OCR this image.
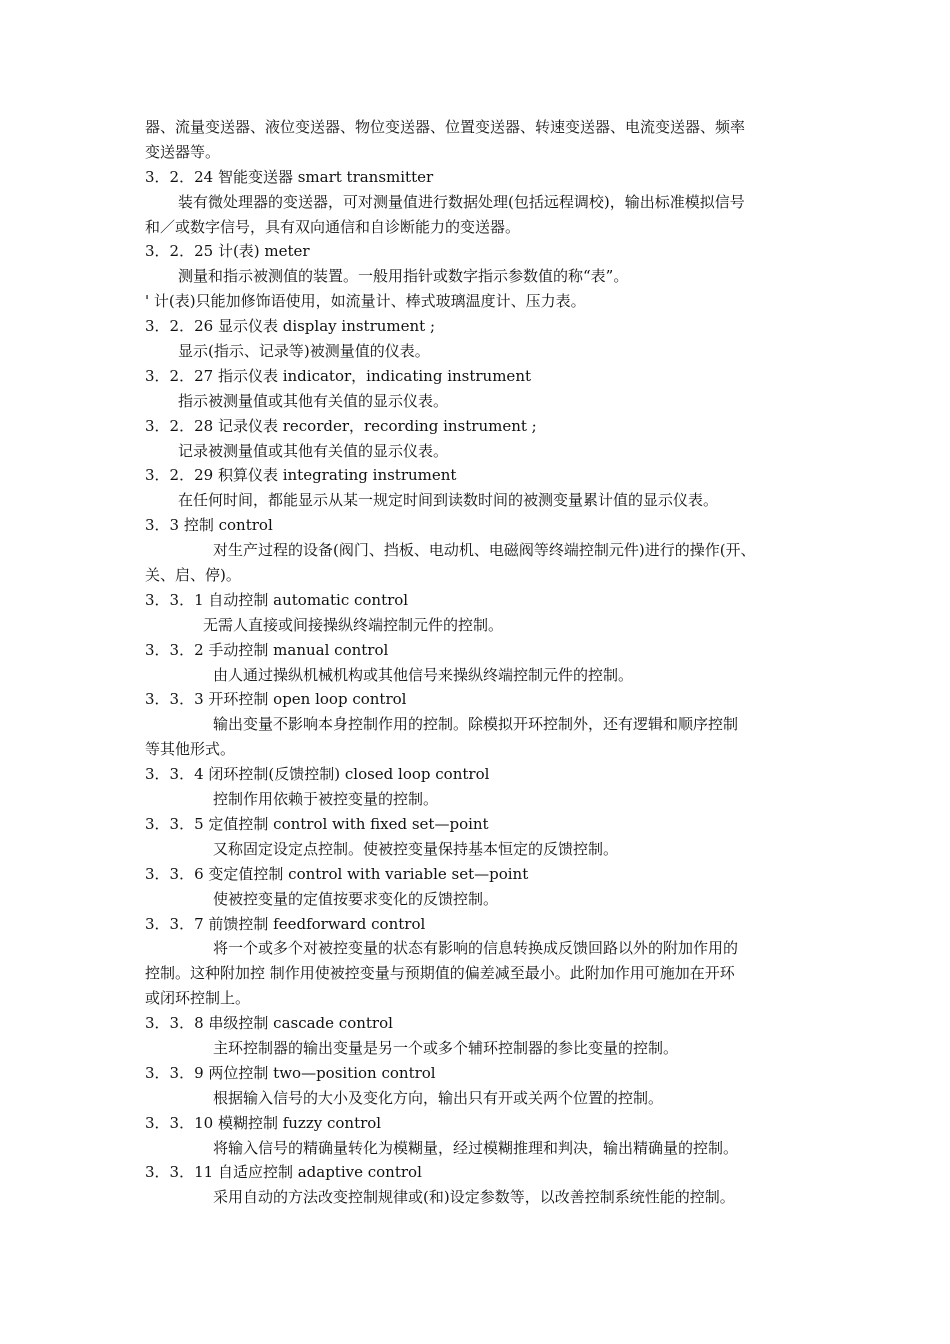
器、流量变送器、液位变送器、物位变送器、位置变送器、转速变送器、电流变送器、频率
变送器等。
3．2．24 智能变送器 smart transmitter
装有微处理器的变送器，可对测量值进行数据处理(包括远程调校)，输出标准模拟信号
和／或数字信号，具有双向通信和自诊断能力的变送器。
3．2．25 计(表) meter
测量和指示被测值的装置。一般用指针或数字指示参数值的称“表”。
' 计(表)只能加修饰语使用，如流量计、棒式玻璃温度计、压力表。
3．2．26 显示仪表 display instrument ;
显示(指示、记录等)被测量值的仪表。
3．2．27 指示仪表 indicator，indicating instrument
指示被测量值或其他有关值的显示仪表。
3．2．28 记录仪表 recorder，recording instrument ;
记录被测量值或其他有关值的显示仪表。
3．2．29 积算仪表 integrating instrument
在任何时间，都能显示从某一规定时间到读数时间的被测变量累计值的显示仪表。
3．3 控制 control
对生产过程的设备(阀门、挡板、电动机、电磁阀等终端控制元件)进行的操作(开、
关、启、停)。
3．3．1 自动控制 automatic control
无需人直接或间接操纵终端控制元件的控制。
3．3．2 手动控制 manual control
由人通过操纵机械机构或其他信号来操纵终端控制元件的控制。
3．3．3 开环控制 open loop control
输出变量不影响本身控制作用的控制。除模拟开环控制外，还有逻辑和顺序控制
等其他形式。
3．3．4 闭环控制(反馈控制) closed loop control
控制作用依赖于被控变量的控制。
3．3．5 定值控制 control with fixed set—point
又称固定设定点控制。使被控变量保持基本恒定的反馈控制。
3．3．6 变定值控制 control with variable set—point
使被控变量的定值按要求变化的反馈控制。
3．3．7 前馈控制 feedforward control
将一个或多个对被控变量的状态有影响的信息转换成反馈回路以外的附加作用的
控制。这种附加控 制作用使被控变量与预期值的偏差减至最小。此附加作用可施加在开环
或闭环控制上。
3．3．8 串级控制 cascade control
主环控制器的输出变量是另一个或多个辅环控制器的参比变量的控制。
3．3．9 两位控制 two—position control
根据输入信号的大小及变化方向，输出只有开或关两个位置的控制。
3．3．10 模糊控制 fuzzy control
将输入信号的精确量转化为模糊量，经过模糊推理和判决，输出精确量的控制。
3．3．11 自适应控制 adaptive control
采用自动的方法改变控制规律或(和)设定参数等，以改善控制系统性能的控制。
